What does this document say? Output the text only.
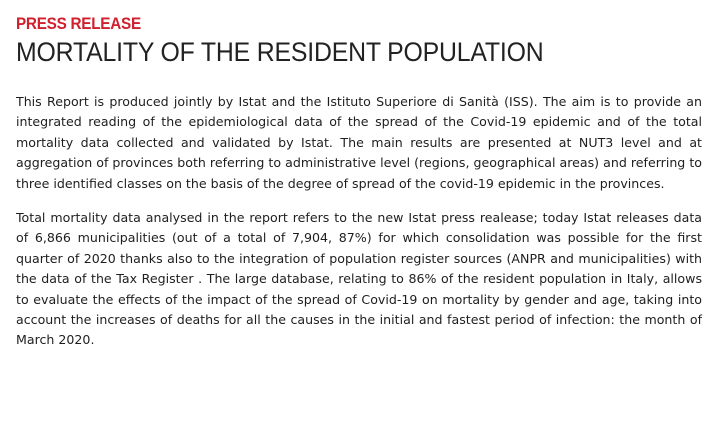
PRESS RELEASE
MORTALITY OF THE RESIDENT POPULATION

This Report is produced jointly by Istat and the Istituto Superiore di Sanità (ISS). The aim is to provide an integrated reading of the epidemiological data of the spread of the Covid-19 epidemic and of the total mortality data collected and validated by Istat. The main results are presented at NUT3 level and at aggregation of provinces both referring to administrative level (regions, geographical areas) and referring to three identified classes on the basis of the degree of spread of the covid-19 epidemic in the provinces.

Total mortality data analysed in the report refers to the new Istat press realease; today Istat releases data of 6,866 municipalities (out of a total of 7,904, 87%) for which consolidation was possible for the first quarter of 2020 thanks also to the integration of population register sources (ANPR and municipalities) with the data of the Tax Register . The large database, relating to 86% of the resident population in Italy, allows to evaluate the effects of the impact of the spread of Covid-19 on mortality by gender and age, taking into account the increases of deaths for all the causes in the initial and fastest period of infection: the month of March 2020.
